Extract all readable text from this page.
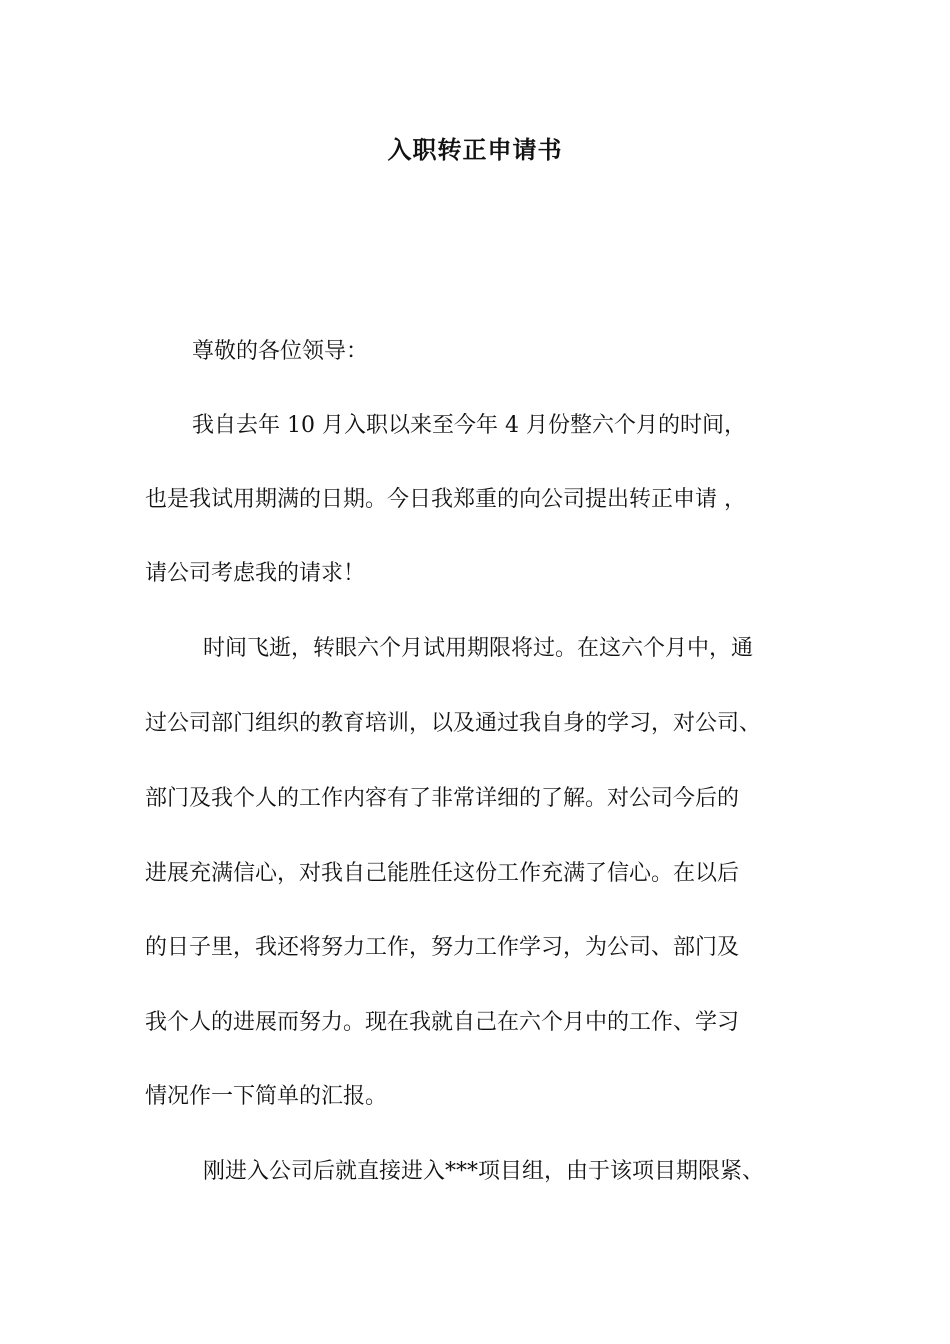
入职转正申请书

尊敬的各位领导：

我自去年 10 月入职以来至今年 4 月份整六个月的时间，

也是我试用期满的日期。今日我郑重的向公司提出转正申请 ，

请公司考虑我的请求！

时间飞逝，转眼六个月试用期限将过。在这六个月中，通

过公司部门组织的教育培训，以及通过我自身的学习，对公司、

部门及我个人的工作内容有了非常详细的了解。对公司今后的

进展充满信心，对我自己能胜任这份工作充满了信心。在以后

的日子里，我还将努力工作，努力工作学习，为公司、部门及

我个人的进展而努力。现在我就自己在六个月中的工作、学习

情况作一下简单的汇报。

刚进入公司后就直接进入***项目组，由于该项目期限紧、
